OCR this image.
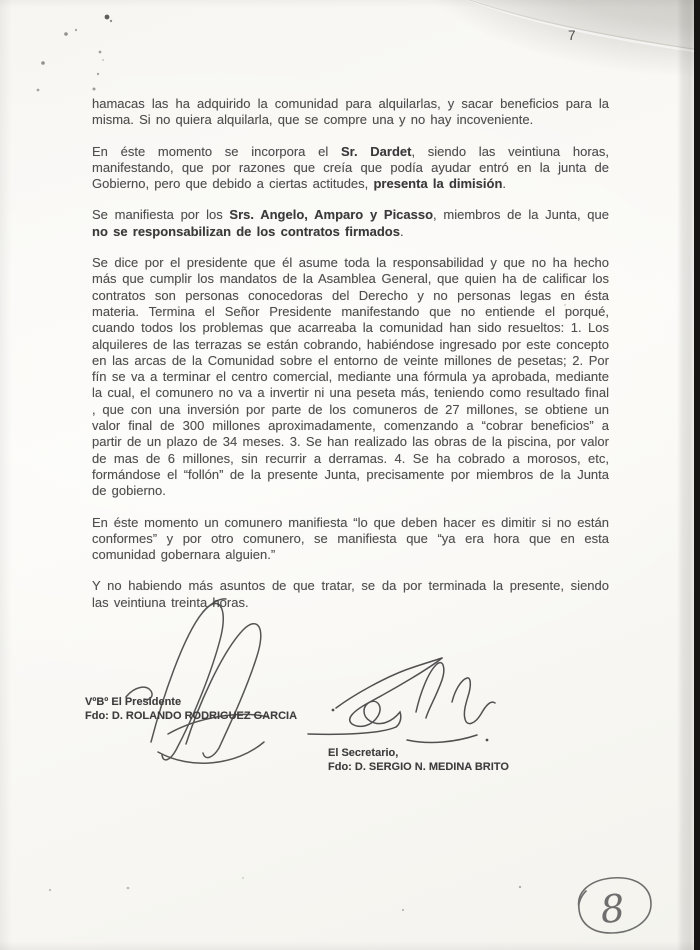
7

hamacas las ha adquirido la comunidad para alquilarlas, y sacar beneficios para la misma. Si no quiera alquilarla, que se compre una y no hay incoveniente.

En éste momento se incorpora el Sr. Dardet, siendo las veintiuna horas, manifestando, que por razones que creía que podía ayudar entró en la junta de Gobierno, pero que debido a ciertas actitudes, presenta la dimisión.

Se manifiesta por los Srs. Angelo, Amparo y Picasso, miembros de la Junta, que no se responsabilizan de los contratos firmados.

Se dice por el presidente que él asume toda la responsabilidad y que no ha hecho más que cumplir los mandatos de la Asamblea General, que quien ha de calificar los contratos son personas conocedoras del Derecho y no personas legas en ésta materia. Termina el Señor Presidente manifestando que no entiende el porqué, cuando todos los problemas que acarreaba la comunidad han sido resueltos: 1. Los alquileres de las terrazas se están cobrando, habiéndose ingresado por este concepto en las arcas de la Comunidad sobre el entorno de veinte millones de pesetas; 2. Por fín se va a terminar el centro comercial, mediante una fórmula ya aprobada, mediante la cual, el comunero no va a invertir ni una peseta más, teniendo como resultado final , que con una inversión por parte de los comuneros de 27 millones, se obtiene un valor final de 300 millones aproximadamente, comenzando a “cobrar beneficios” a partir de un plazo de 34 meses. 3. Se han realizado las obras de la piscina, por valor de mas de 6 millones, sin recurrir a derramas. 4. Se ha cobrado a morosos, etc, formándose el “follón” de la presente Junta, precisamente por miembros de la Junta de gobierno.

En éste momento un comunero manifiesta “lo que deben hacer es dimitir si no están conformes” y por otro comunero, se manifiesta que “ya era hora que en esta comunidad gobernara alguien.”

Y no habiendo más asuntos de que tratar, se da por terminada la presente, siendo las veintiuna treinta horas.

VºBº El Presidente
Fdo: D. ROLANDO RODRIGUEZ GARCIA
El Secretario,
Fdo: D. SERGIO N. MEDINA BRITO
8
